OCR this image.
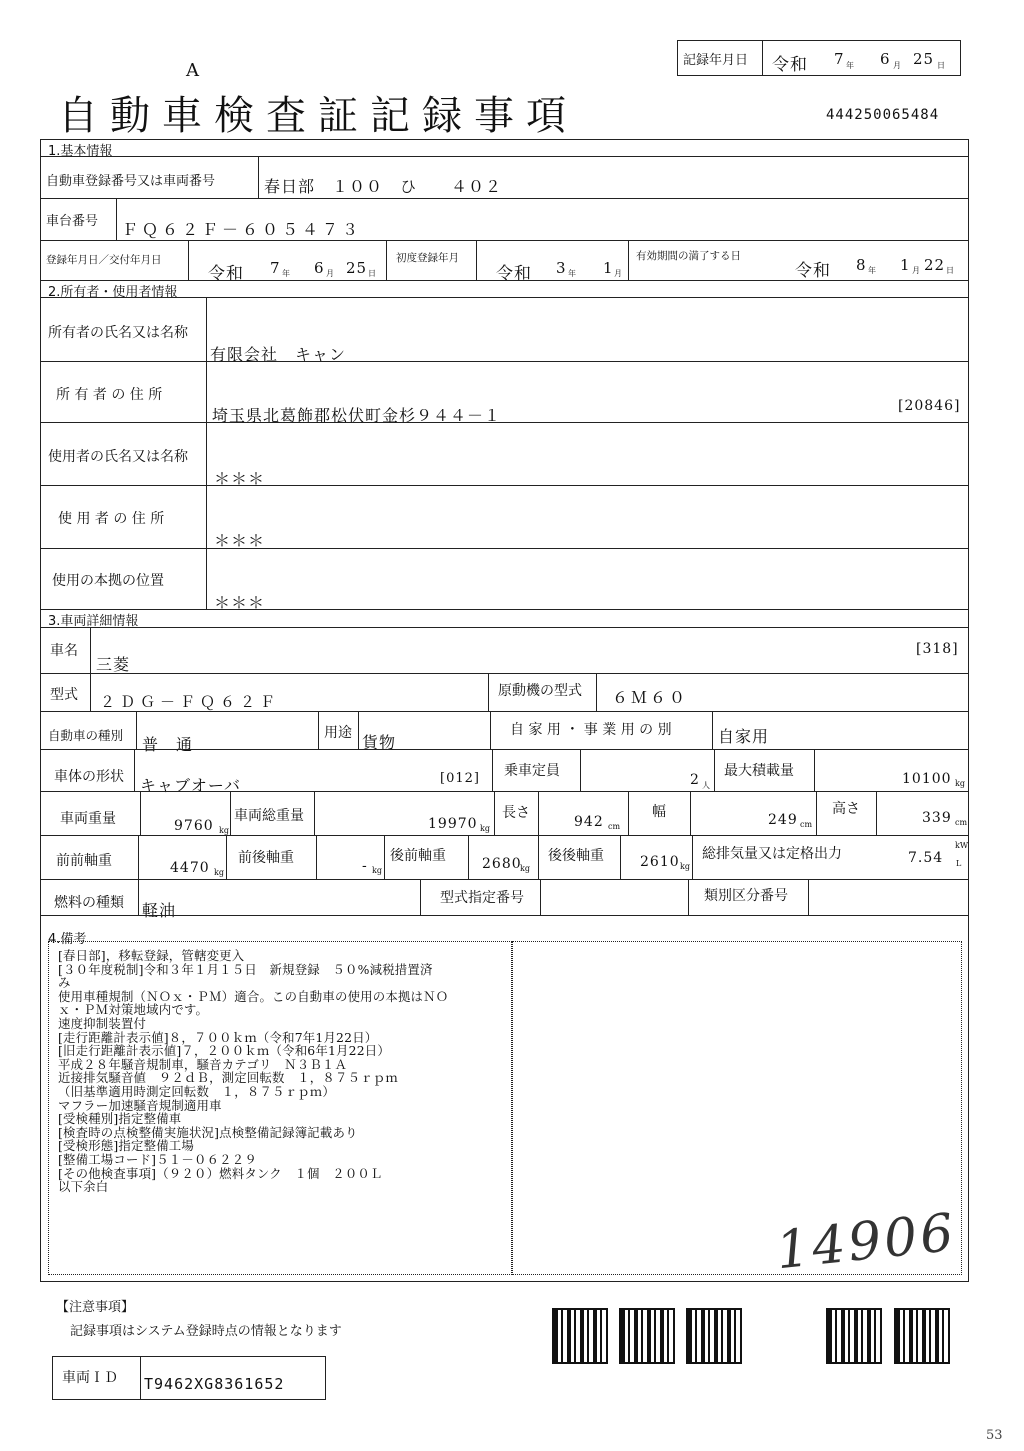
A
自動車検査証記録事項	444250065484
記録年月日 令和 7 年 6 月 25 日
1.基本情報
自動車登録番号又は車両番号	春日部　１００　ひ　　４０２
車台番号 ＦＱ６２Ｆ－６０５４７３
登録年月日／交付年月日
令和 7 年 6 月 25 日
初度登録年月
令和 3 年 1 月
有効期間の満了する日
令和 8 年 1 月 22 日
2.所有者・使用者情報
所有者の氏名又は名称
有限会社　キャン
所 有 者 の 住 所
埼玉県北葛飾郡松伏町金杉９４４－１	[20846]
使用者の氏名又は名称
＊＊＊
使 用 者 の 住 所
＊＊＊
使用の本拠の位置
＊＊＊
3.車両詳細情報
車名
三菱
[318]
型式 ２ＤＧ－ＦＱ６２Ｆ
原動機の型式 ６Ｍ６０
自動車の種別 普　通
用途 貨物
自 家 用 ・ 事 業 用 の 別	自家用
車体の形状 キャブオーバ	[012] 乗車定員
2 人
最大積載量	10100 kg
車両重量	9760 kg
車両総重量	19970 kg
長さ
942 cm
幅	249 cm
高さ
339 cm
前前軸重	4470 kg
前後軸重	- kg
後前軸重	2680
kg
後後軸重	2610 kg
総排気量又は定格出力	7.54
kW
L
燃料の種類 軽油
型式指定番号	類別区分番号
4.備考
[春日部]，移転登録，管轄変更入
[３０年度税制]令和３年１月１５日　新規登録　５０%減税措置済
み
使用車種規制（ＮＯｘ・ＰＭ）適合。この自動車の使用の本拠はＮＯ
ｘ・ＰＭ対策地域内です。
速度抑制装置付
[走行距離計表示値]８，７００ｋｍ（令和7年1月22日）
[旧走行距離計表示値]７，２００ｋｍ（令和6年1月22日）
平成２８年騒音規制車，騒音カテゴリ　Ｎ３Ｂ１Ａ
近接排気騒音値　９２ｄＢ，測定回転数　１，８７５ｒｐｍ
（旧基準適用時測定回転数　１，８７５ｒｐｍ）
マフラー加速騒音規制適用車
[受検種別]指定整備車
[検査時の点検整備実施状況]点検整備記録簿記載あり
[受検形態]指定整備工場
[整備工場コード]５１－０６２２９
[その他検査事項]（９２０）燃料タンク　１個　２００Ｌ
以下余白
14906
【注意事項】
記録事項はシステム登録時点の情報となります
車両ＩＤ T9462XG8361652
53
